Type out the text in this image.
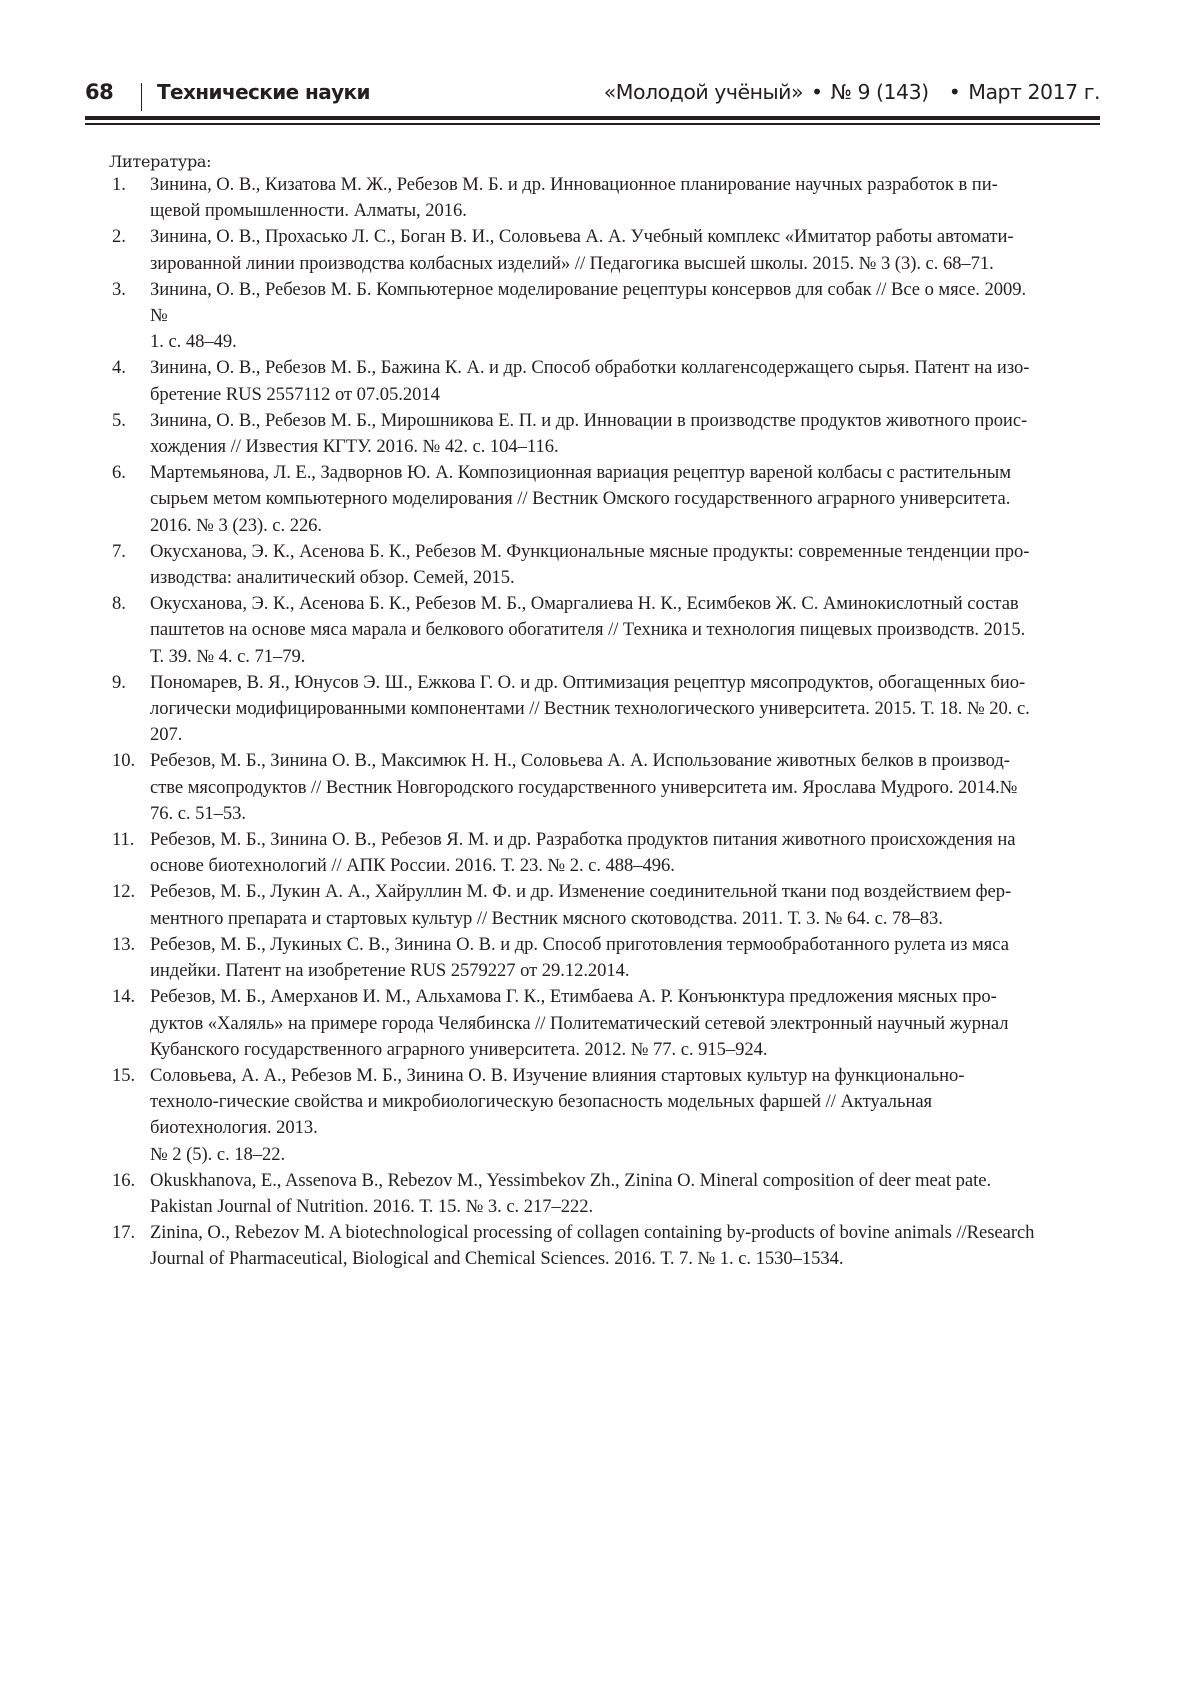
68 Технические науки	«Молодой учёный» • № 9 (143) • Март 2017 г.
Литература:
1.	Зинина, О. В., Кизатова М. Ж., Ребезов М. Б. и др. Инновационное планирование научных разработок в пи-
щевой промышленности. Алматы, 2016.
2.	Зинина, О. В., Прохасько Л. С., Боган В. И., Соловьева А. А. Учебный комплекс «Имитатор работы автомати-
зированной линии производства колбасных изделий» // Педагогика высшей школы. 2015. № 3 (3). с. 68–71.
3.	Зинина, О. В., Ребезов М. Б. Компьютерное моделирование рецептуры консервов для собак // Все о мясе. 2009.
№
1. с. 48–49.
4.	Зинина, О. В., Ребезов М. Б., Бажина К. А. и др. Способ обработки коллагенсодержащего сырья. Патент на изо-
бретение RUS 2557112 от 07.05.2014
5.	Зинина, О. В., Ребезов М. Б., Мирошникова Е. П. и др. Инновации в производстве продуктов животного проис-
хождения // Известия КГТУ. 2016. № 42. с. 104–116.
6.	Мартемьянова, Л. Е., Задворнов Ю. А. Композиционная вариация рецептур вареной колбасы с растительным
сырьем метом компьютерного моделирования // Вестник Омского государственного аграрного университета.
2016. № 3 (23). с. 226.
7.	Окусханова, Э. К., Асенова Б. К., Ребезов М. Функциональные мясные продукты: современные тенденции про-
изводства: аналитический обзор. Семей, 2015.
8.	Окусханова, Э. К., Асенова Б. К., Ребезов М. Б., Омаргалиева Н. К., Есимбеков Ж. С. Аминокислотный состав
паштетов на основе мяса марала и белкового обогатителя // Техника и технология пищевых производств. 2015.
Т. 39. № 4. с. 71–79.
9.	Пономарев, В. Я., Юнусов Э. Ш., Ежкова Г. О. и др. Оптимизация рецептур мясопродуктов, обогащенных био-
логически модифицированными компонентами // Вестник технологического университета. 2015. Т. 18. № 20. с.
207.
10. Ребезов, М. Б., Зинина О. В., Максимюк Н. Н., Соловьева А. А. Использование животных белков в производ-
стве мясопродуктов // Вестник Новгородского государственного университета им. Ярослава Мудрого. 2014.№
76. с. 51–53.
11. Ребезов, М. Б., Зинина О. В., Ребезов Я. М. и др. Разработка продуктов питания животного происхождения на
основе биотехнологий // АПК России. 2016. Т. 23. № 2. с. 488–496.
12. Ребезов, М. Б., Лукин А. А., Хайруллин М. Ф. и др. Изменение соединительной ткани под воздействием фер-
ментного препарата и стартовых культур // Вестник мясного скотоводства. 2011. Т. 3. № 64. с. 78–83.
13. Ребезов, М. Б., Лукиных С. В., Зинина О. В. и др. Способ приготовления термообработанного рулета из мяса
индейки. Патент на изобретение RUS 2579227 от 29.12.2014.
14. Ребезов, М. Б., Амерханов И. М., Альхамова Г. К., Етимбаева А. Р. Конъюнктура предложения мясных про-
дуктов «Халяль» на примере города Челябинска // Политематический сетевой электронный научный журнал
Кубанского государственного аграрного университета. 2012. № 77. с. 915–924.
15. Соловьева, А. А., Ребезов М. Б., Зинина О. В. Изучение влияния стартовых культур на функционально-
техноло-гические свойства и микробиологическую безопасность модельных фаршей // Актуальная
биотехнология. 2013.
№ 2 (5). с. 18–22.
16. Okuskhanova, E., Assenova B., Rebezov M., Yessimbekov Zh., Zinina O. Mineral composition of deer meat pate.
Pakistan Journal of Nutrition. 2016. Т. 15. № 3. с. 217–222.
17. Zinina, O., Rebezov M. A biotechnological processing of collagen containing by-products of bovine animals //Research
Journal of Pharmaceutical, Biological and Chemical Sciences. 2016. Т. 7. № 1. с. 1530–1534.
